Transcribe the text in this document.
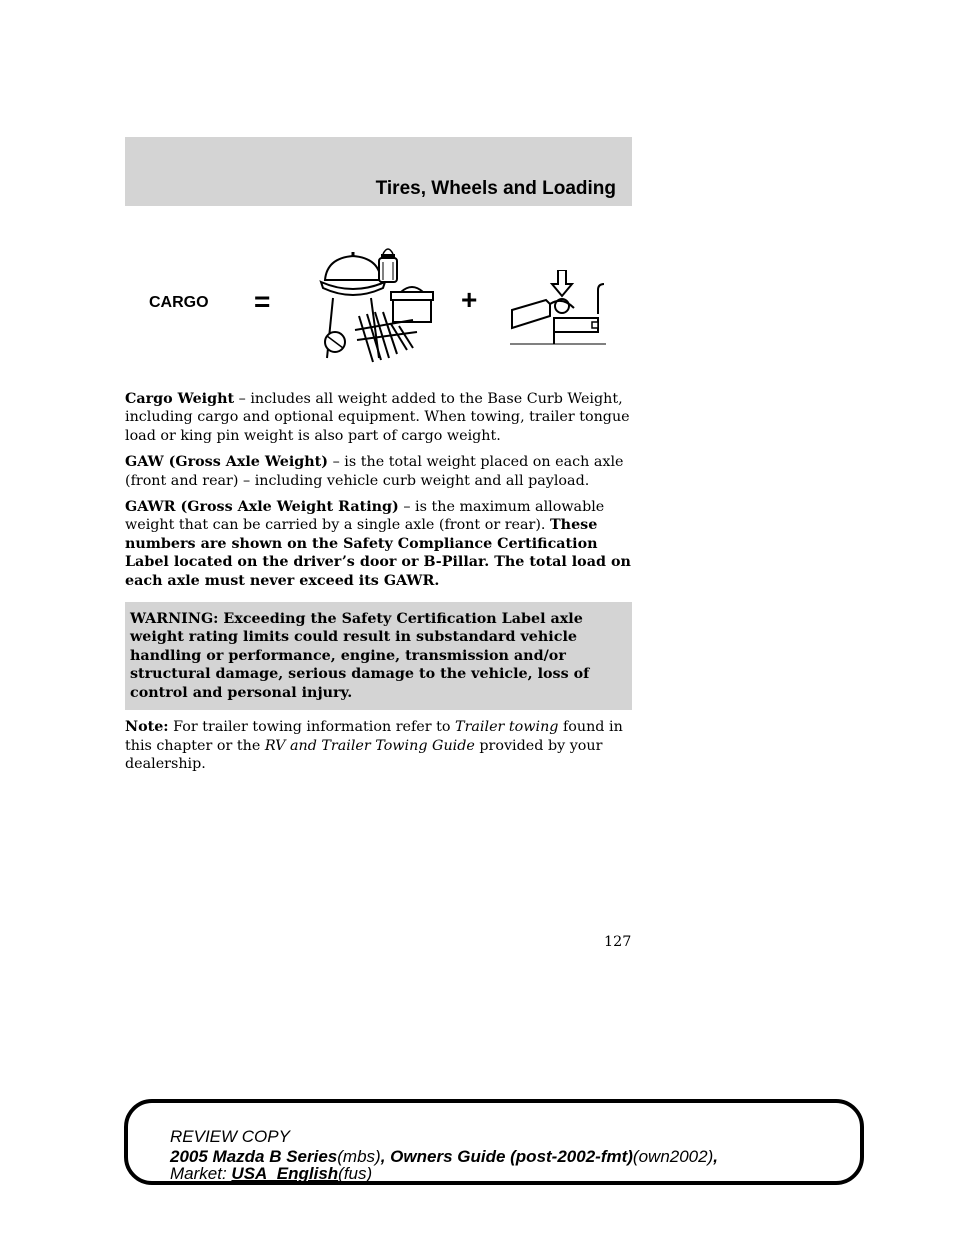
Tires, Wheels and Loading
CARGO =	+

Cargo Weight – includes all weight added to the Base Curb Weight, including cargo and optional equipment. When towing, trailer tongue load or king pin weight is also part of cargo weight.

GAW (Gross Axle Weight) – is the total weight placed on each axle (front and rear) – including vehicle curb weight and all payload.

GAWR (Gross Axle Weight Rating) – is the maximum allowable weight that can be carried by a single axle (front or rear). These numbers are shown on the Safety Compliance Certification Label located on the driver’s door or B-Pillar. The total load on each axle must never exceed its GAWR.

WARNING: Exceeding the Safety Certification Label axle weight rating limits could result in substandard vehicle handling or performance, engine, transmission and/or structural damage, serious damage to the vehicle, loss of control and personal injury.

Note: For trailer towing information refer to Trailer towing found in this chapter or the RV and Trailer Towing Guide provided by your dealership.

127
REVIEW COPY
2005 Mazda B Series(mbs), Owners Guide (post-2002-fmt)(own2002),
Market: USA_English(fus)
